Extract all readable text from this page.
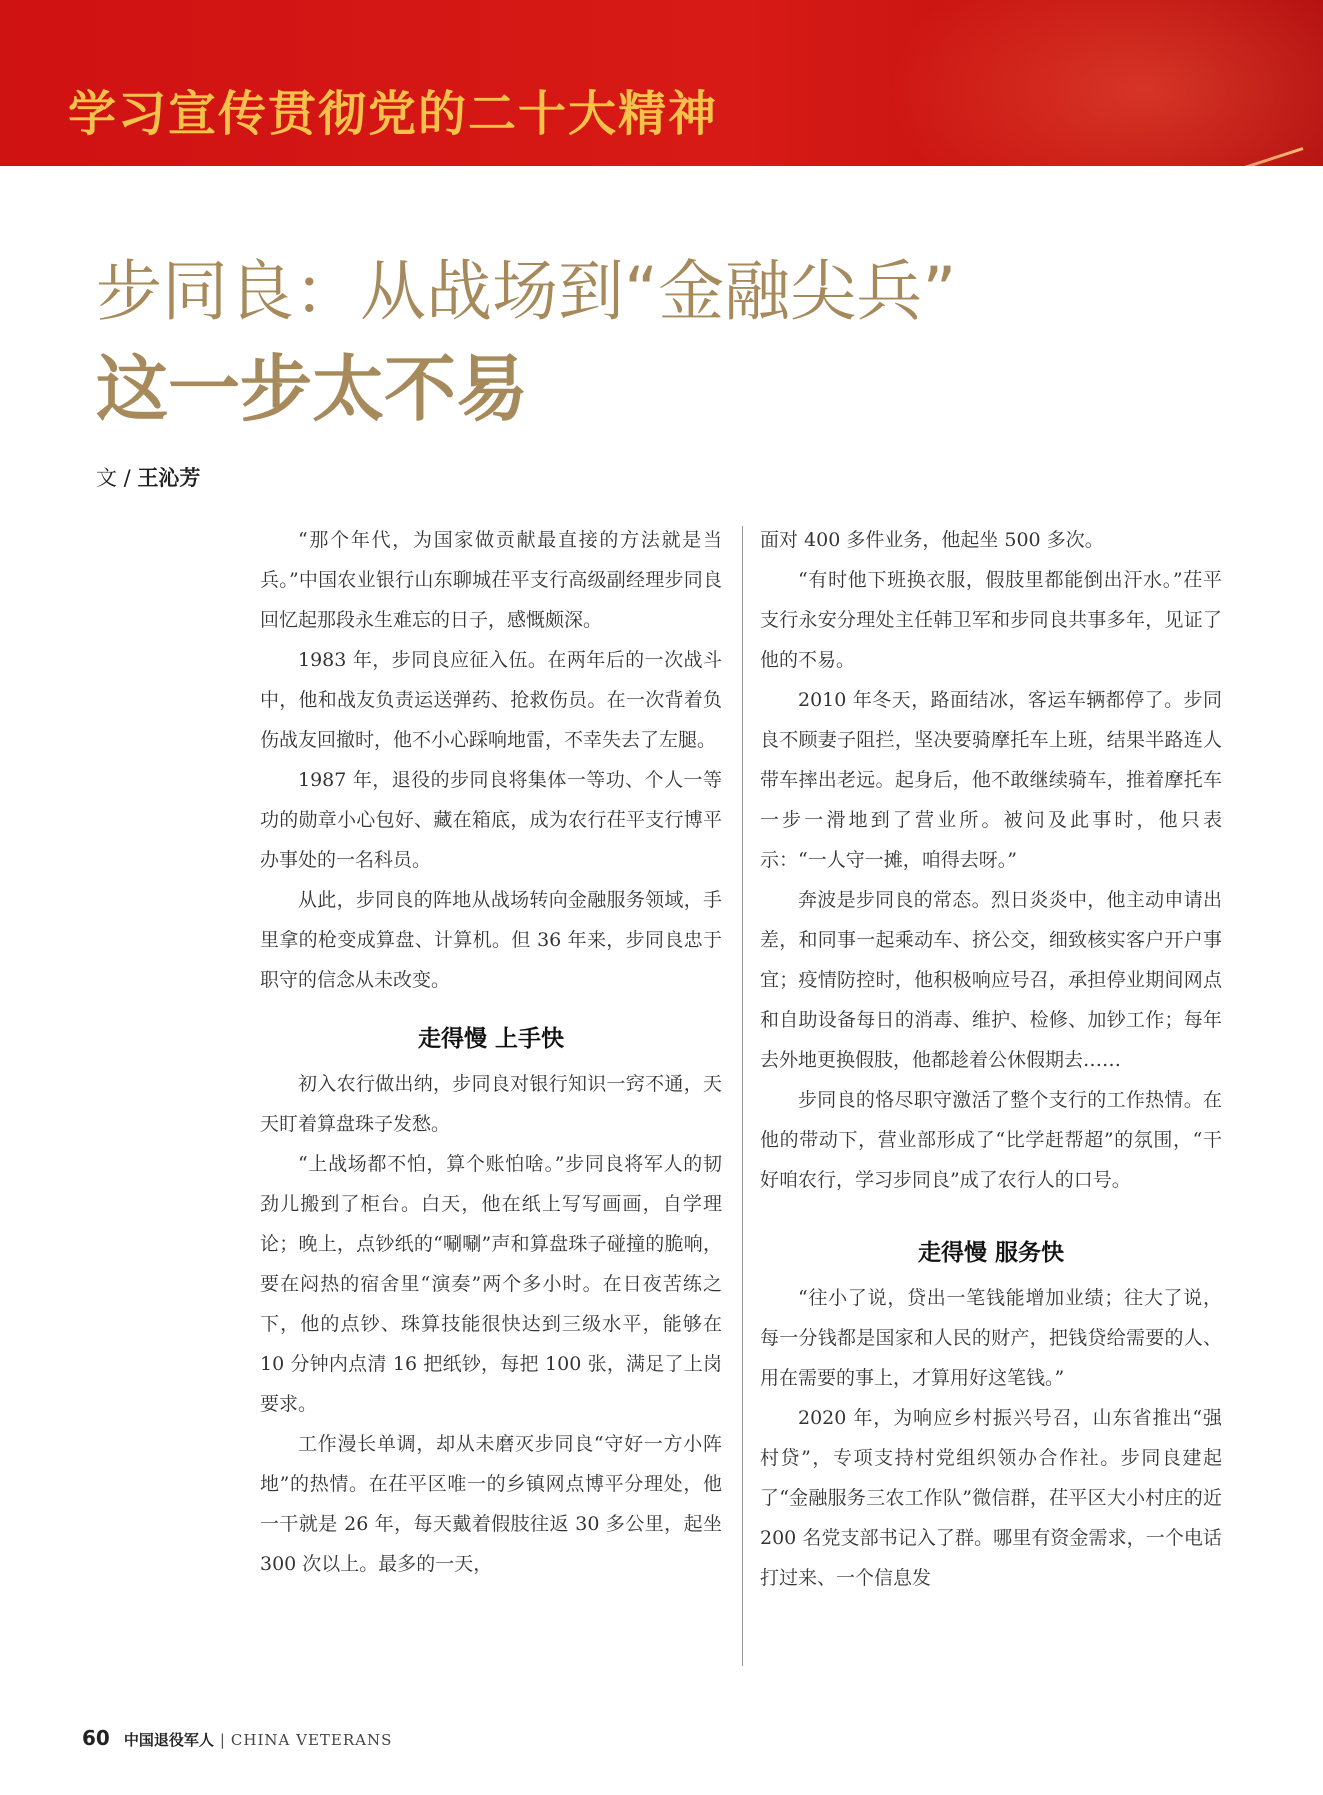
学习宣传贯彻党的二十大精神
步同良：从战场到“金融尖兵”
这一步太不易
文 / 王沁芳

“那个年代，为国家做贡献最直接的方法就是当兵。”中国农业银行山东聊城茌平支行高级副经理步同良回忆起那段永生难忘的日子，感慨颇深。

1983 年，步同良应征入伍。在两年后的一次战斗中，他和战友负责运送弹药、抢救伤员。在一次背着负伤战友回撤时，他不小心踩响地雷，不幸失去了左腿。

1987 年，退役的步同良将集体一等功、个人一等功的勋章小心包好、藏在箱底，成为农行茌平支行博平办事处的一名科员。

从此，步同良的阵地从战场转向金融服务领域，手里拿的枪变成算盘、计算机。但 36 年来，步同良忠于职守的信念从未改变。

走得慢 上手快

初入农行做出纳，步同良对银行知识一窍不通，天天盯着算盘珠子发愁。

“上战场都不怕，算个账怕啥。”步同良将军人的韧劲儿搬到了柜台。白天，他在纸上写写画画，自学理论；晚上，点钞纸的“唰唰”声和算盘珠子碰撞的脆响，要在闷热的宿舍里“演奏”两个多小时。在日夜苦练之下，他的点钞、珠算技能很快达到三级水平，能够在 10 分钟内点清 16 把纸钞，每把 100 张，满足了上岗要求。

工作漫长单调，却从未磨灭步同良“守好一方小阵地”的热情。在茌平区唯一的乡镇网点博平分理处，他一干就是 26 年，每天戴着假肢往返 30 多公里，起坐 300 次以上。最多的一天，

面对 400 多件业务，他起坐 500 多次。

“有时他下班换衣服，假肢里都能倒出汗水。”茌平支行永安分理处主任韩卫军和步同良共事多年，见证了他的不易。

2010 年冬天，路面结冰，客运车辆都停了。步同良不顾妻子阻拦，坚决要骑摩托车上班，结果半路连人带车摔出老远。起身后，他不敢继续骑车，推着摩托车一步一滑地到了营业所。被问及此事时，他只表示：“一人守一摊，咱得去呀。”

奔波是步同良的常态。烈日炎炎中，他主动申请出差，和同事一起乘动车、挤公交，细致核实客户开户事宜；疫情防控时，他积极响应号召，承担停业期间网点和自助设备每日的消毒、维护、检修、加钞工作；每年去外地更换假肢，他都趁着公休假期去……

步同良的恪尽职守激活了整个支行的工作热情。在他的带动下，营业部形成了“比学赶帮超”的氛围，“干好咱农行，学习步同良”成了农行人的口号。

走得慢 服务快

“往小了说，贷出一笔钱能增加业绩；往大了说，每一分钱都是国家和人民的财产，把钱贷给需要的人、用在需要的事上，才算用好这笔钱。”

2020 年，为响应乡村振兴号召，山东省推出“强村贷”，专项支持村党组织领办合作社。步同良建起了“金融服务三农工作队”微信群，茌平区大小村庄的近 200 名党支部书记入了群。哪里有资金需求，一个电话打过来、一个信息发

60 中国退役军人 | CHINA VETERANS
